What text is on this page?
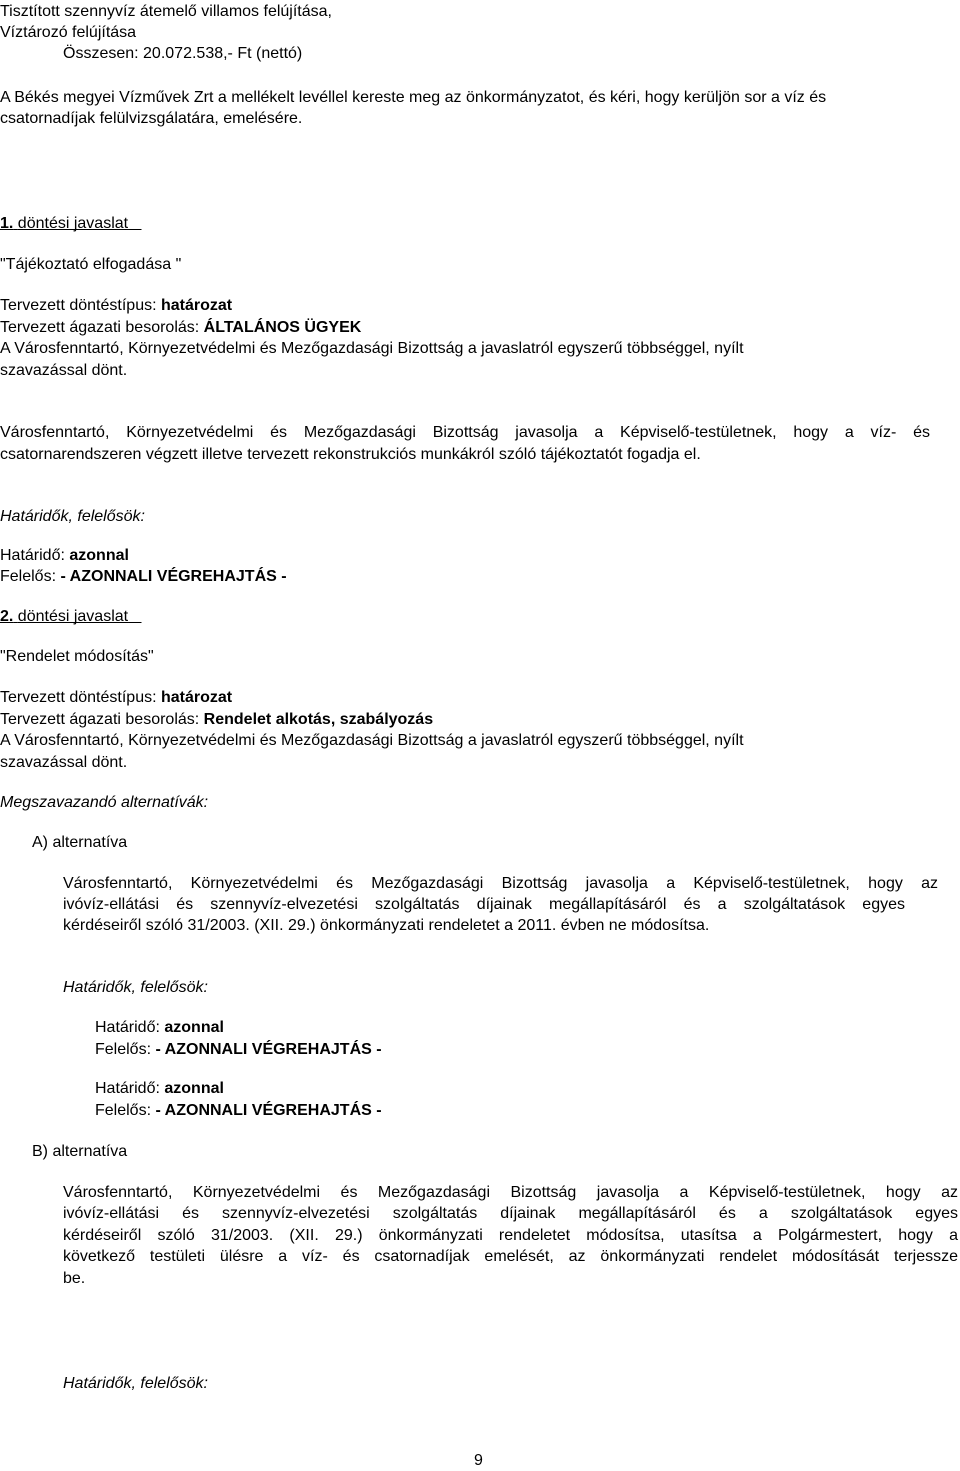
Tisztított szennyvíz átemelő villamos felújítása,
Víztározó felújítása
Összesen: 20.072.538,- Ft (nettó)
A Békés megyei Vízművek Zrt a mellékelt levéllel kereste meg az önkormányzatot, és kéri, hogy kerüljön sor a víz és
csatornadíjak felülvizsgálatára, emelésére.
1. döntési javaslat
"Tájékoztató elfogadása "
Tervezett döntéstípus: határozat
Tervezett ágazati besorolás: ÁLTALÁNOS ÜGYEK
A Városfenntartó, Környezetvédelmi és Mezőgazdasági Bizottság a javaslatról egyszerű többséggel, nyílt
szavazással dönt.
Városfenntartó, Környezetvédelmi és Mezőgazdasági Bizottság javasolja a Képviselő-testületnek, hogy a víz- és
csatornarendszeren végzett illetve tervezett rekonstrukciós munkákról szóló tájékoztatót fogadja el.
Határidők, felelősök:
Határidő: azonnal
Felelős: - AZONNALI VÉGREHAJTÁS -
2. döntési javaslat
"Rendelet módosítás"
Tervezett döntéstípus: határozat
Tervezett ágazati besorolás: Rendelet alkotás, szabályozás
A Városfenntartó, Környezetvédelmi és Mezőgazdasági Bizottság a javaslatról egyszerű többséggel, nyílt
szavazással dönt.
Megszavazandó alternatívák:
A) alternatíva
Városfenntartó, Környezetvédelmi és Mezőgazdasági Bizottság javasolja a Képviselő-testületnek, hogy az
ivóvíz-ellátási és szennyvíz-elvezetési szolgáltatás díjainak megállapításáról és a szolgáltatások egyes
kérdéseiről szóló 31/2003. (XII. 29.) önkormányzati rendeletet a 2011. évben ne módosítsa.
Határidők, felelősök:
Határidő: azonnal
Felelős: - AZONNALI VÉGREHAJTÁS -
Határidő: azonnal
Felelős: - AZONNALI VÉGREHAJTÁS -
B) alternatíva
Városfenntartó, Környezetvédelmi és Mezőgazdasági Bizottság javasolja a Képviselő-testületnek, hogy az
ivóvíz-ellátási és szennyvíz-elvezetési szolgáltatás díjainak megállapításáról és a szolgáltatások egyes
kérdéseiről szóló 31/2003. (XII. 29.) önkormányzati rendeletet módosítsa, utasítsa a Polgármestert, hogy a
következő testületi ülésre a víz- és csatornadíjak emelését, az önkormányzati rendelet módosítását terjessze
be.
Határidők, felelősök:
9
